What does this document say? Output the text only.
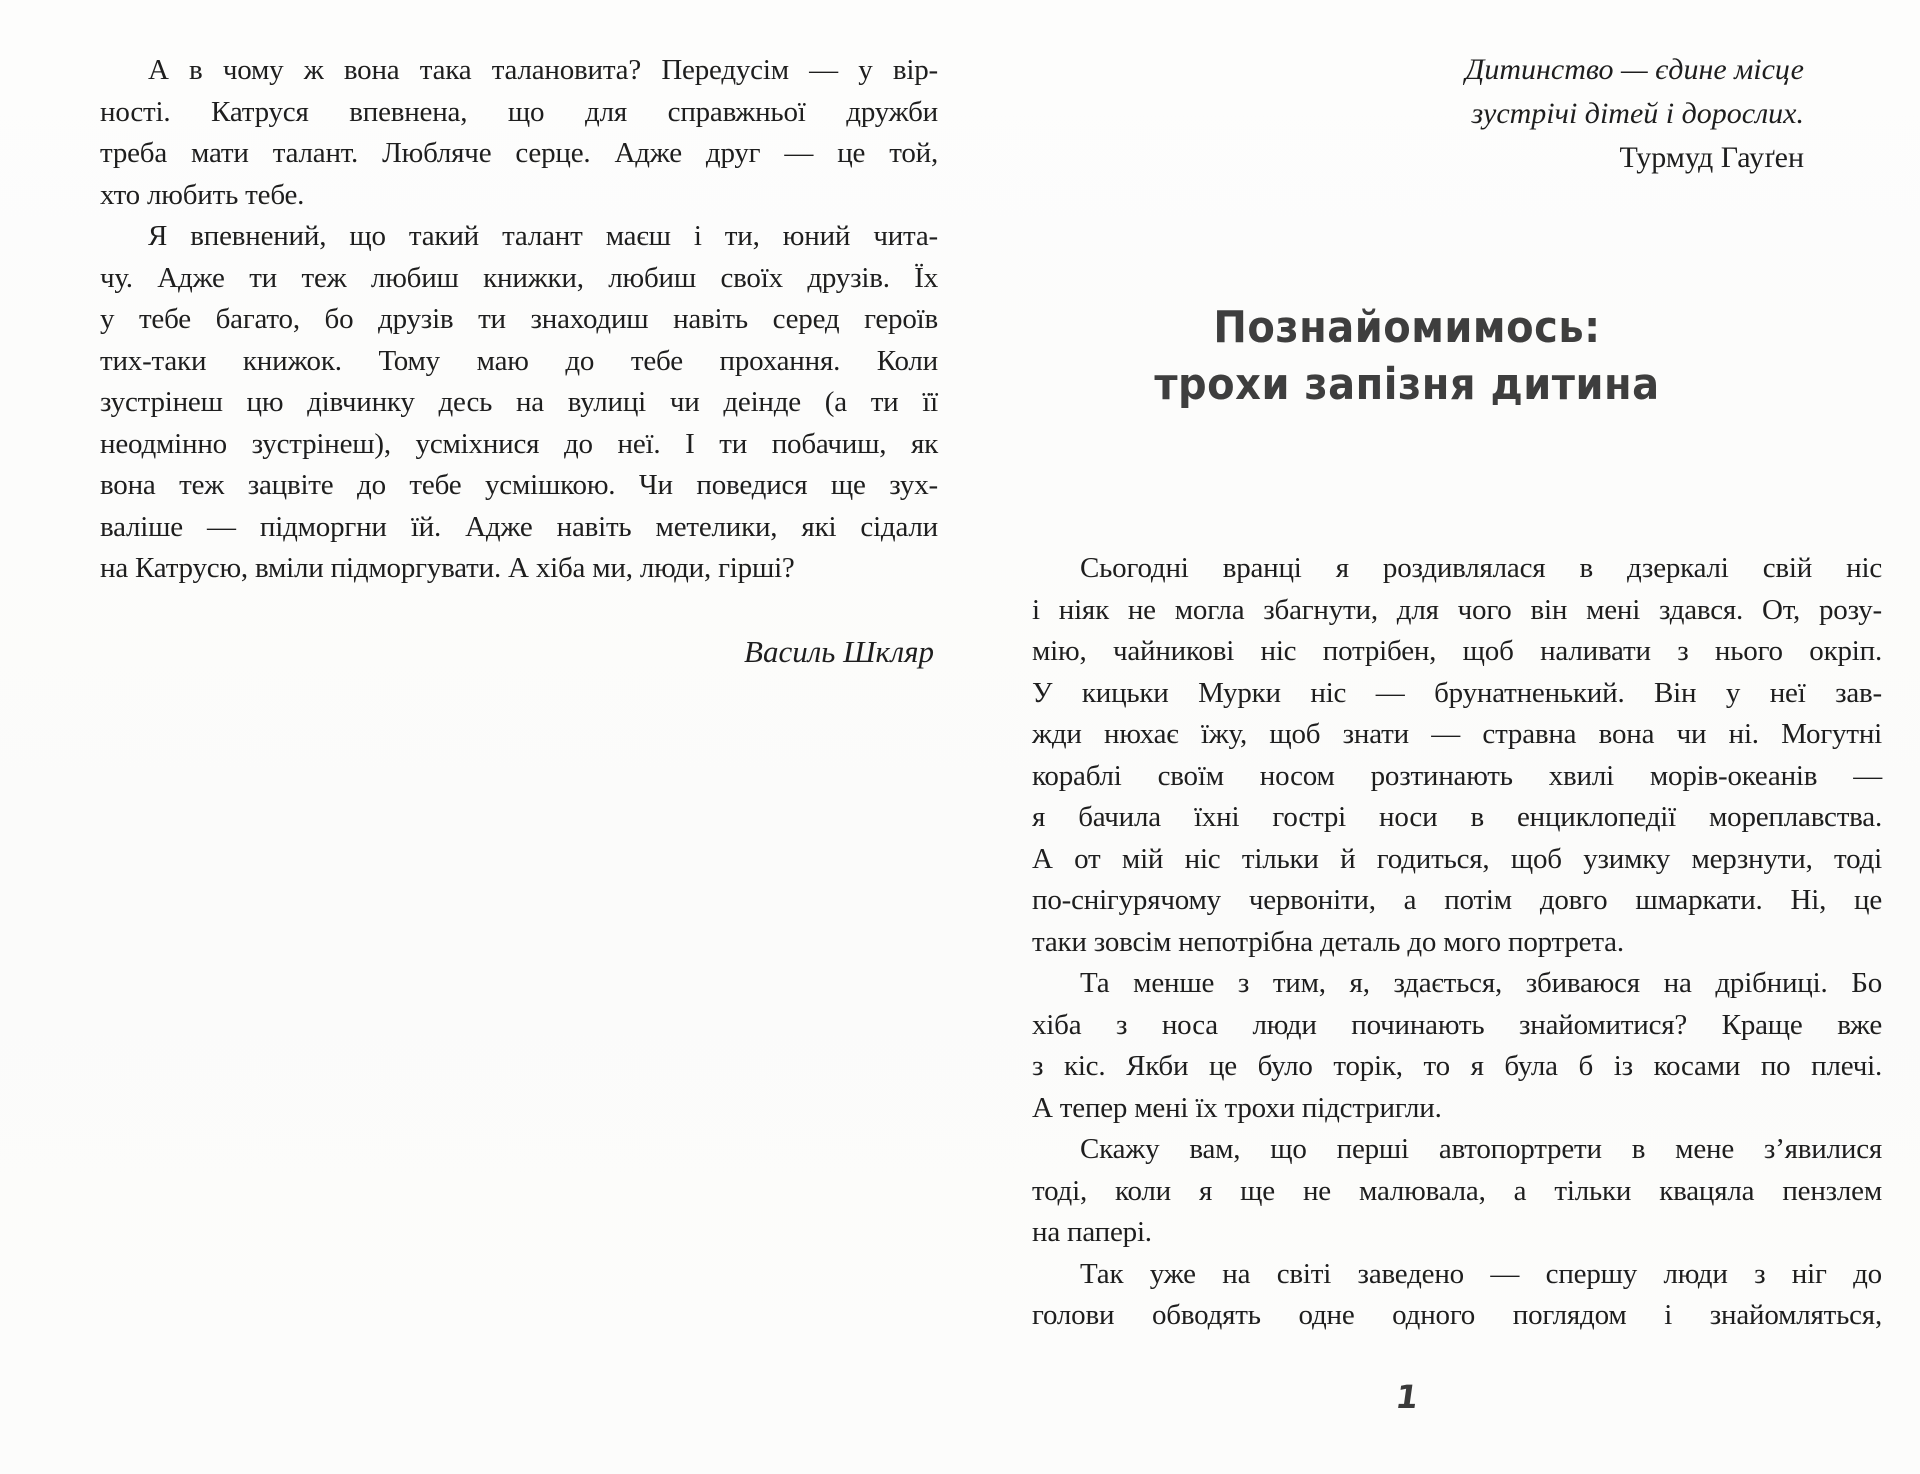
А в чому ж вона така талановита? Передусім — у вір-
ності. Катруся впевнена, що для справжньої дружби
треба мати талант. Любляче серце. Адже друг — це той,
хто любить тебе.
Я впевнений, що такий талант маєш і ти, юний чита-
чу. Адже ти теж любиш книжки, любиш своїх друзів. Їх
у тебе багато, бо друзів ти знаходиш навіть серед героїв
тих-таки книжок. Тому маю до тебе прохання. Коли
зустрінеш цю дівчинку десь на вулиці чи деінде (а ти її
неодмінно зустрінеш), усміхнися до неї. І ти побачиш, як
вона теж зацвіте до тебе усмішкою. Чи поведися ще зух-
валіше — підморгни їй. Адже навіть метелики, які сідали
на Катрусю, вміли підморгувати. А хіба ми, люди, гірші?
Василь Шкляр
Дитинство — єдине місце
зустрічі дітей і дорослих.
Турмуд Гауґен
Познайомимось:
трохи запізня дитина
Сьогодні вранці я роздивлялася в дзеркалі свій ніс
і ніяк не могла збагнути, для чого він мені здався. От, розу-
мію, чайникові ніс потрібен, щоб наливати з нього окріп.
У кицьки Мурки ніс — брунатненький. Він у неї зав-
жди нюхає їжу, щоб знати — стравна вона чи ні. Могутні
кораблі своїм носом розтинають хвилі морів-океанів —
я бачила їхні гострі носи в енциклопедії мореплавства.
А от мій ніс тільки й годиться, щоб узимку мерзнути, тоді
по-снігурячому червоніти, а потім довго шмаркати. Ні, це
таки зовсім непотрібна деталь до мого портрета.
Та менше з тим, я, здається, збиваюся на дрібниці. Бо
хіба з носа люди починають знайомитися? Краще вже
з кіс. Якби це було торік, то я була б із косами по плечі.
А тепер мені їх трохи підстригли.
Скажу вам, що перші автопортрети в мене з’явилися
тоді, коли я ще не малювала, а тільки квацяла пензлем
на папері.
Так уже на світі заведено — спершу люди з ніг до
голови обводять одне одного поглядом і знайомляться,
1
